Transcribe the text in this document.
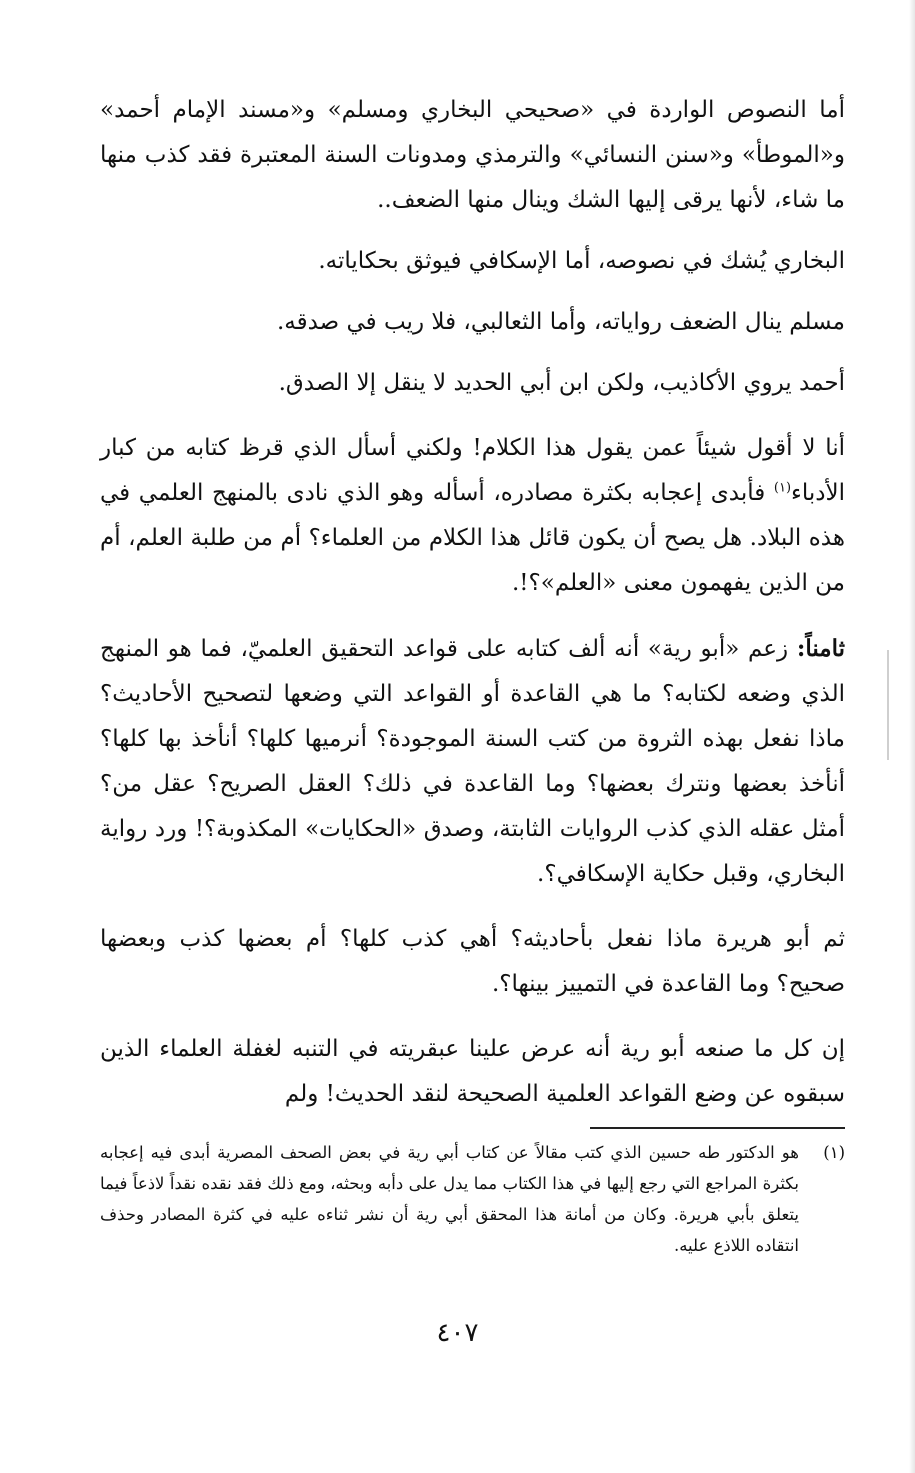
أما النصوص الواردة في «صحيحي البخاري ومسلم» و«مسند الإمام أحمد» و«الموطأ» و«سنن النسائي» والترمذي ومدونات السنة المعتبرة فقد كذب منها ما شاء، لأنها يرقى إليها الشك وينال منها الضعف..

البخاري يُشك في نصوصه، أما الإسكافي فيوثق بحكاياته.

مسلم ينال الضعف رواياته، وأما الثعالبي، فلا ريب في صدقه.

أحمد يروي الأكاذيب، ولكن ابن أبي الحديد لا ينقل إلا الصدق.

أنا لا أقول شيئاً عمن يقول هذا الكلام! ولكني أسأل الذي قرظ كتابه من كبار الأدباء$^{(١)}$ فأبدى إعجابه بكثرة مصادره، أسأله وهو الذي نادى بالمنهج العلمي في هذه البلاد. هل يصح أن يكون قائل هذا الكلام من العلماء؟ أم من طلبة العلم، أم من الذين يفهمون معنى «العلم»؟!.

ثامناً: زعم «أبو رية» أنه ألف كتابه على قواعد التحقيق العلميّ، فما هو المنهج الذي وضعه لكتابه؟ ما هي القاعدة أو القواعد التي وضعها لتصحيح الأحاديث؟ ماذا نفعل بهذه الثروة من كتب السنة الموجودة؟ أنرميها كلها؟ أنأخذ بها كلها؟ أنأخذ بعضها ونترك بعضها؟ وما القاعدة في ذلك؟ العقل الصريح؟ عقل من؟ أمثل عقله الذي كذب الروايات الثابتة، وصدق «الحكايات» المكذوبة؟! ورد رواية البخاري، وقبل حكاية الإسكافي؟.

ثم أبو هريرة ماذا نفعل بأحاديثه؟ أهي كذب كلها؟ أم بعضها كذب وبعضها صحيح؟ وما القاعدة في التمييز بينها؟.

إن كل ما صنعه أبو رية أنه عرض علينا عبقريته في التنبه لغفلة العلماء الذين سبقوه عن وضع القواعد العلمية الصحيحة لنقد الحديث! ولم

(١)
هو الدكتور طه حسين الذي كتب مقالاً عن كتاب أبي رية في بعض الصحف المصرية أبدى فيه إعجابه بكثرة المراجع التي رجع إليها في هذا الكتاب مما يدل على دأبه وبحثه، ومع ذلك فقد نقده نقداً لاذعاً فيما يتعلق بأبي هريرة. وكان من أمانة هذا المحقق أبي رية أن نشر ثناءه عليه في كثرة المصادر وحذف انتقاده اللاذع عليه.
٤٠٧
